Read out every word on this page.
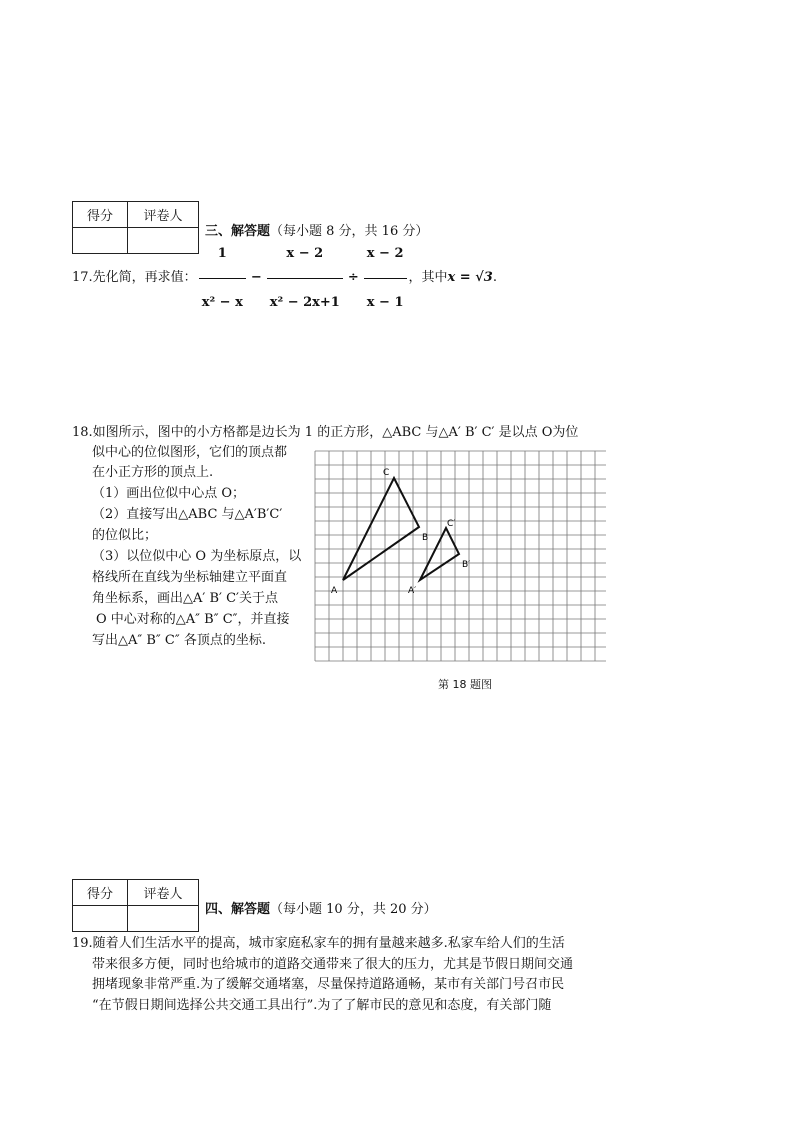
得分	评卷人

三、解答题（每小题 8 分，共 16 分）
17.先化简，再求值： $\frac{1}{\text{x² − x}} - \frac{x - 2}{\text{x² − 2x+1}} \div \frac{x - 2}{x - 1}$ ，其中 x = √3 .
18.如图所示，图中的小方格都是边长为 1 的正方形，△ABC 与△A′ B′ C′ 是以点 O为位
似中心的位似图形，它们的顶点都
在小正方形的顶点上.
（1）画出位似中心点 O；
（2）直接写出△ABC 与△A′B′C′
的位似比；
（3）以位似中心 O 为坐标原点，以
格线所在直线为坐标轴建立平面直
角坐标系，画出△A′ B′ C′关于点
O 中心对称的△A″ B″ C″，并直接
写出△A″ B″ C″ 各顶点的坐标.
A
B
C
A′
B′
C′
第 18 题图
得分	评卷人

四、解答题（每小题 10 分，共 20 分）
19.随着人们生活水平的提高，城市家庭私家车的拥有量越来越多.私家车给人们的生活
带来很多方便，同时也给城市的道路交通带来了很大的压力，尤其是节假日期间交通
拥堵现象非常严重.为了缓解交通堵塞，尽量保持道路通畅，某市有关部门号召市民
“在节假日期间选择公共交通工具出行”.为了了解市民的意见和态度，有关部门随
